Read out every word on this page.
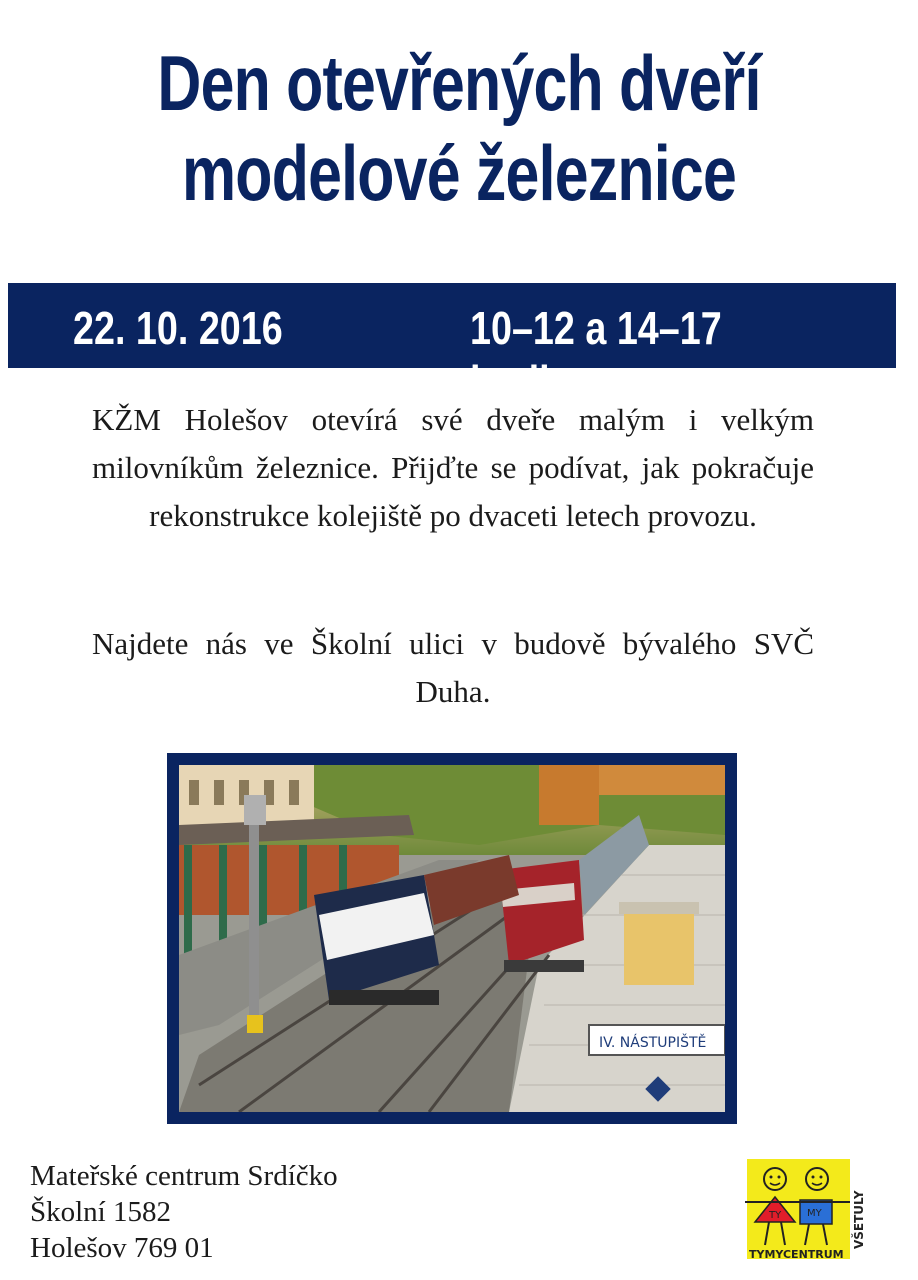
Den otevřených dveří
modelové železnice
22. 10. 2016	10–12 a 14–17 hodin
KŽM Holešov otevírá své dveře malým i velkým milovníkům železnice. Přijďte se podívat, jak pokračuje rekonstrukce kolejiště po dvaceti letech provozu.
Najdete nás ve Školní ulici v budově bývalého SVČ Duha.
IV. NÁSTUPIŠTĚ
Mateřské centrum Srdíčko
Školní 1582
Holešov 769 01
TY	MY
TYMYCENTRUM
VŠETULY
